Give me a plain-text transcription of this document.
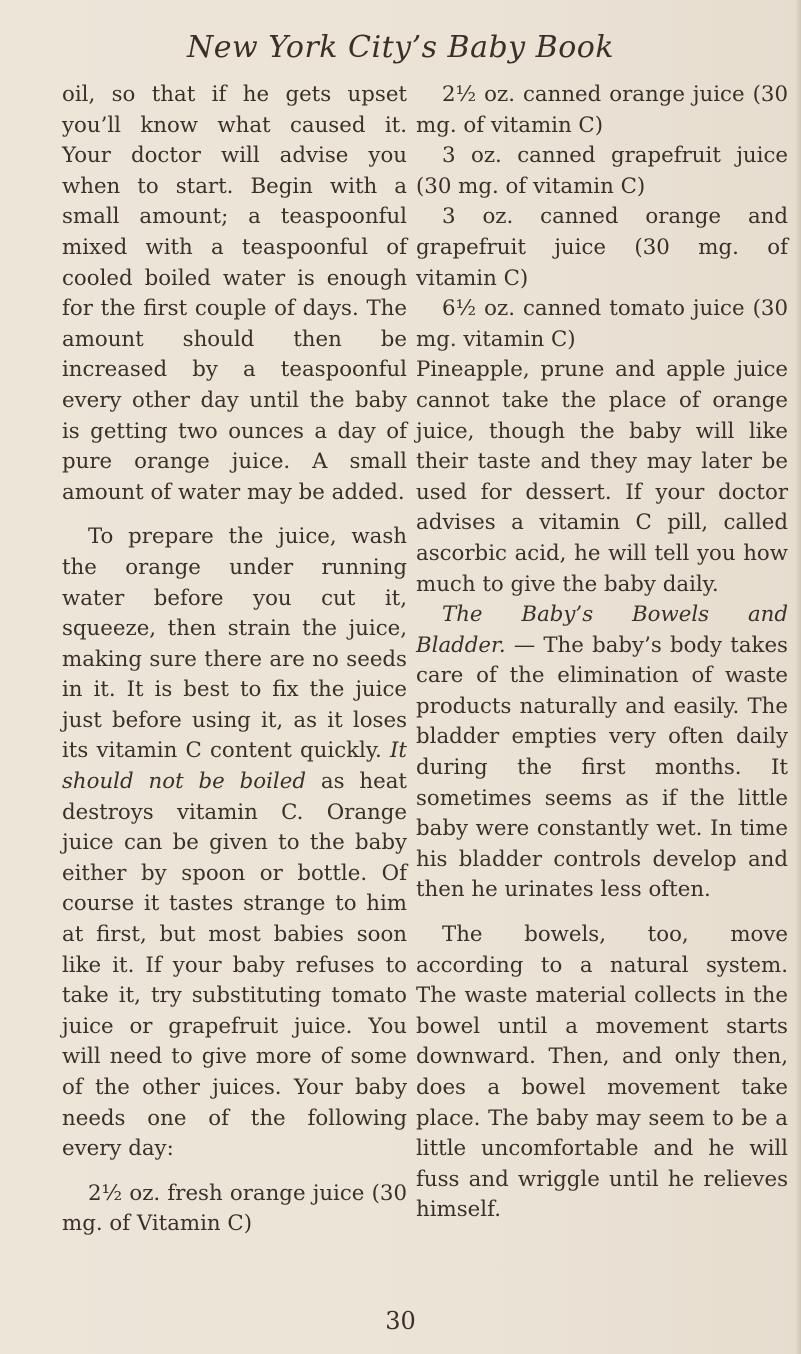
New York City’s Baby Book

oil, so that if he gets upset you’ll know what caused it. Your doctor will advise you when to start. Begin with a small amount; a teaspoonful mixed with a teaspoonful of cooled boiled water is enough for the first couple of days. The amount should then be increased by a teaspoonful every other day until the baby is getting two ounces a day of pure orange juice. A small amount of water may be added.

To prepare the juice, wash the orange under running water before you cut it, squeeze, then strain the juice, making sure there are no seeds in it. It is best to fix the juice just before using it, as it loses its vitamin C content quickly. It should not be boiled as heat destroys vitamin C. Orange juice can be given to the baby either by spoon or bottle. Of course it tastes strange to him at first, but most babies soon like it. If your baby refuses to take it, try substituting tomato juice or grapefruit juice. You will need to give more of some of the other juices. Your baby needs one of the following every day:

2½ oz. fresh orange juice (30 mg. of Vitamin C)

2½ oz. canned orange juice (30 mg. of vitamin C)

3 oz. canned grapefruit juice (30 mg. of vitamin C)

3 oz. canned orange and grapefruit juice (30 mg. of vitamin C)

6½ oz. canned tomato juice (30 mg. vitamin C)

Pineapple, prune and apple juice cannot take the place of orange juice, though the baby will like their taste and they may later be used for dessert. If your doctor advises a vitamin C pill, called ascorbic acid, he will tell you how much to give the baby daily.

The Baby’s Bowels and Bladder. — The baby’s body takes care of the elimination of waste products naturally and easily. The bladder empties very often daily during the first months. It sometimes seems as if the little baby were constantly wet. In time his bladder controls develop and then he urinates less often.

The bowels, too, move according to a natural system. The waste material collects in the bowel until a movement starts downward. Then, and only then, does a bowel movement take place. The baby may seem to be a little uncomfortable and he will fuss and wriggle until he relieves himself.

30
